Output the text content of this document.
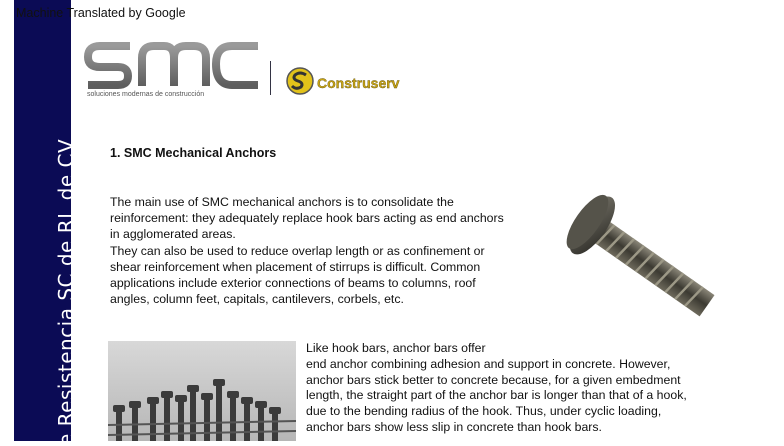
Machine Translated by Google
e Resistencia SC de RL de CV
soluciones modernas de construcción
Construserv
1. SMC Mechanical Anchors
The main use of SMC mechanical anchors is to consolidate the
reinforcement: they adequately replace hook bars acting as end anchors
in agglomerated areas.
They can also be used to reduce overlap length or as confinement or
shear reinforcement when placement of stirrups is difficult. Common
applications include exterior connections of beams to columns, roof
angles, column feet, capitals, cantilevers, corbels, etc.
Like hook bars, anchor bars offer
end anchor combining adhesion and support in concrete. However,
anchor bars stick better to concrete because, for a given embedment
length, the straight part of the anchor bar is longer than that of a hook,
due to the bending radius of the hook. Thus, under cyclic loading,
anchor bars show less slip in concrete than hook bars.
